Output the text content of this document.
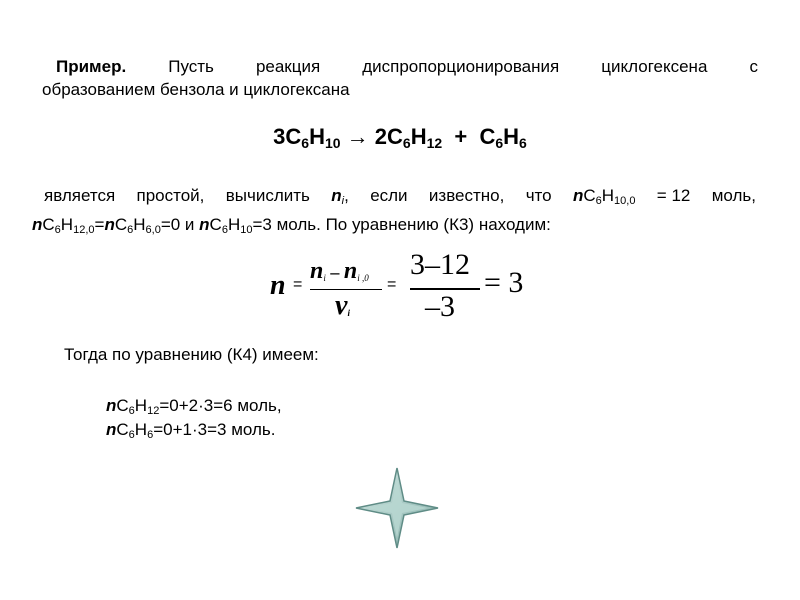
Пример. Пусть реакция диспропорционирования циклогексена с
образованием бензола и циклогексана
$3C_6H_{10} \to 2C_6H_{12} + C_6H_6$
является простой, вычислить $n_i$, если известно, что $nC_6H_{10,0} = 12$ моль,
$nC_6H_{12,0}=nC_6H_{6,0}=0$ и $nC_6H_{10}=3$ моль. По уравнению (К3) находим:
n =
$n_i - n_{i ,0}$
$\nu_i$
=
3–12
–3
= 3
Тогда по уравнению (К4) имеем:
$nC_6H_{12}=0+2\cdot 3=6$ моль,
$nC_6H_6=0+1\cdot 3=3$ моль.
